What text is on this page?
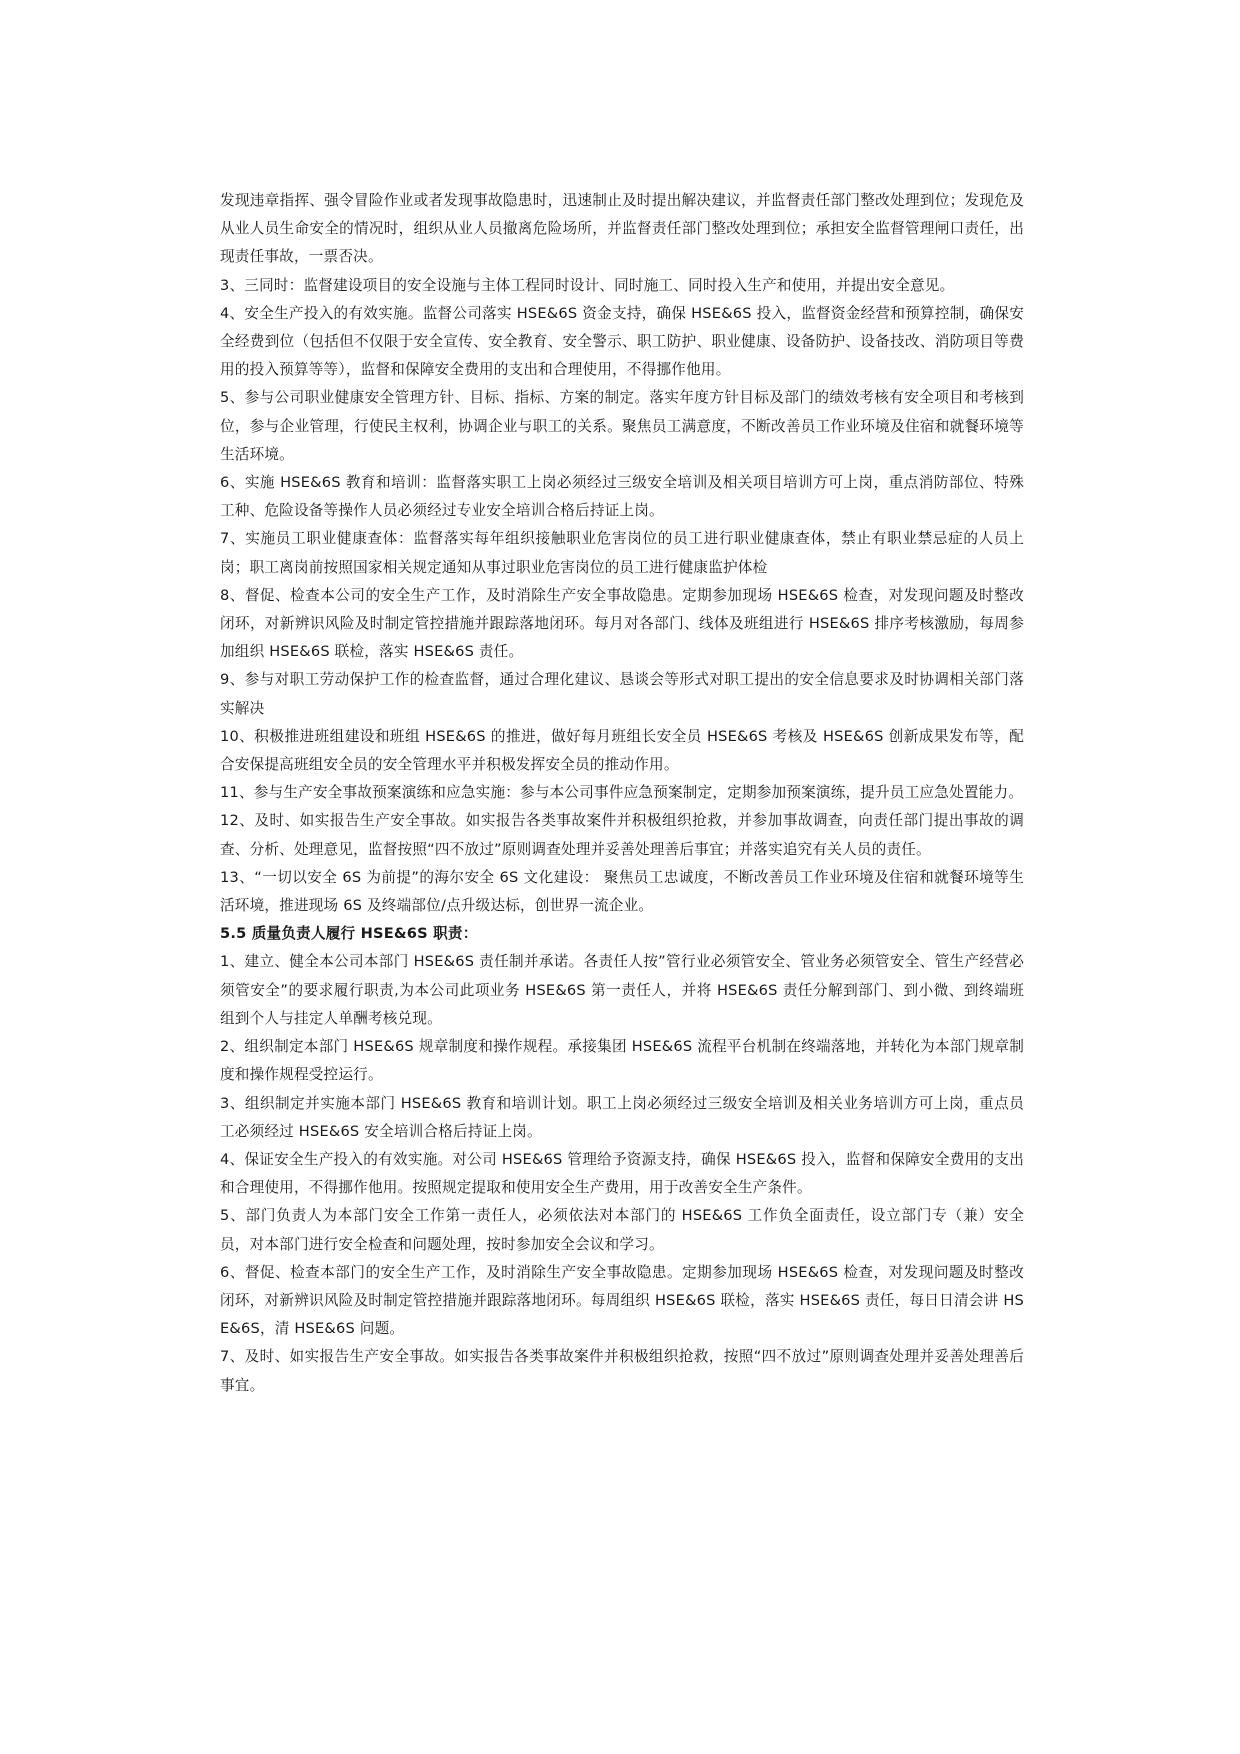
发现违章指挥、强令冒险作业或者发现事故隐患时，迅速制止及时提出解决建议，并监督责任部门整改处理到位；发现危及从业人员生命安全的情况时，组织从业人员撤离危险场所，并监督责任部门整改处理到位；承担安全监督管理闸口责任，出现责任事故，一票否决。

3、三同时：监督建设项目的安全设施与主体工程同时设计、同时施工、同时投入生产和使用，并提出安全意见。

4、安全生产投入的有效实施。监督公司落实 HSE&6S 资金支持，确保 HSE&6S 投入，监督资金经营和预算控制，确保安全经费到位（包括但不仅限于安全宣传、安全教育、安全警示、职工防护、职业健康、设备防护、设备技改、消防项目等费用的投入预算等等），监督和保障安全费用的支出和合理使用，不得挪作他用。

5、参与公司职业健康安全管理方针、目标、指标、方案的制定。落实年度方针目标及部门的绩效考核有安全项目和考核到位，参与企业管理，行使民主权利，协调企业与职工的关系。聚焦员工满意度，不断改善员工作业环境及住宿和就餐环境等生活环境。

6、实施 HSE&6S 教育和培训：监督落实职工上岗必须经过三级安全培训及相关项目培训方可上岗，重点消防部位、特殊工种、危险设备等操作人员必须经过专业安全培训合格后持证上岗。

7、实施员工职业健康查体：监督落实每年组织接触职业危害岗位的员工进行职业健康查体，禁止有职业禁忌症的人员上岗；职工离岗前按照国家相关规定通知从事过职业危害岗位的员工进行健康监护体检

8、督促、检查本公司的安全生产工作，及时消除生产安全事故隐患。定期参加现场 HSE&6S 检查，对发现问题及时整改闭环，对新辨识风险及时制定管控措施并跟踪落地闭环。每月对各部门、线体及班组进行 HSE&6S 排序考核激励，每周参加组织 HSE&6S 联检，落实 HSE&6S 责任。

9、参与对职工劳动保护工作的检查监督，通过合理化建议、恳谈会等形式对职工提出的安全信息要求及时协调相关部门落实解决

10、积极推进班组建设和班组 HSE&6S 的推进，做好每月班组长安全员 HSE&6S 考核及 HSE&6S 创新成果发布等，配合安保提高班组安全员的安全管理水平并积极发挥安全员的推动作用。

11、参与生产安全事故预案演练和应急实施：参与本公司事件应急预案制定，定期参加预案演练，提升员工应急处置能力。

12、及时、如实报告生产安全事故。如实报告各类事故案件并积极组织抢救，并参加事故调查，向责任部门提出事故的调查、分析、处理意见，监督按照“四不放过”原则调查处理并妥善处理善后事宜；并落实追究有关人员的责任。

13、“一切以安全 6S 为前提”的海尔安全 6S 文化建设： 聚焦员工忠诚度，不断改善员工作业环境及住宿和就餐环境等生活环境，推进现场 6S 及终端部位/点升级达标，创世界一流企业。

5.5 质量负责人履行 HSE&6S 职责：

1、建立、健全本公司本部门 HSE&6S 责任制并承诺。各责任人按”管行业必须管安全、管业务必须管安全、管生产经营必须管安全”的要求履行职责,为本公司此项业务 HSE&6S 第一责任人，并将 HSE&6S 责任分解到部门、到小微、到终端班组到个人与挂定人单酬考核兑现。

2、组织制定本部门 HSE&6S 规章制度和操作规程。承接集团 HSE&6S 流程平台机制在终端落地，并转化为本部门规章制度和操作规程受控运行。

3、组织制定并实施本部门 HSE&6S 教育和培训计划。职工上岗必须经过三级安全培训及相关业务培训方可上岗，重点员工必须经过 HSE&6S 安全培训合格后持证上岗。

4、保证安全生产投入的有效实施。对公司 HSE&6S 管理给予资源支持，确保 HSE&6S 投入，监督和保障安全费用的支出和合理使用，不得挪作他用。按照规定提取和使用安全生产费用，用于改善安全生产条件。

5、部门负责人为本部门安全工作第一责任人，必须依法对本部门的 HSE&6S 工作负全面责任，设立部门专（兼）安全员，对本部门进行安全检查和问题处理，按时参加安全会议和学习。

6、督促、检查本部门的安全生产工作，及时消除生产安全事故隐患。定期参加现场 HSE&6S 检查，对发现问题及时整改闭环，对新辨识风险及时制定管控措施并跟踪落地闭环。每周组织 HSE&6S 联检，落实 HSE&6S 责任，每日日清会讲 HSE&6S，清 HSE&6S 问题。

7、及时、如实报告生产安全事故。如实报告各类事故案件并积极组织抢救，按照“四不放过”原则调查处理并妥善处理善后事宜。
